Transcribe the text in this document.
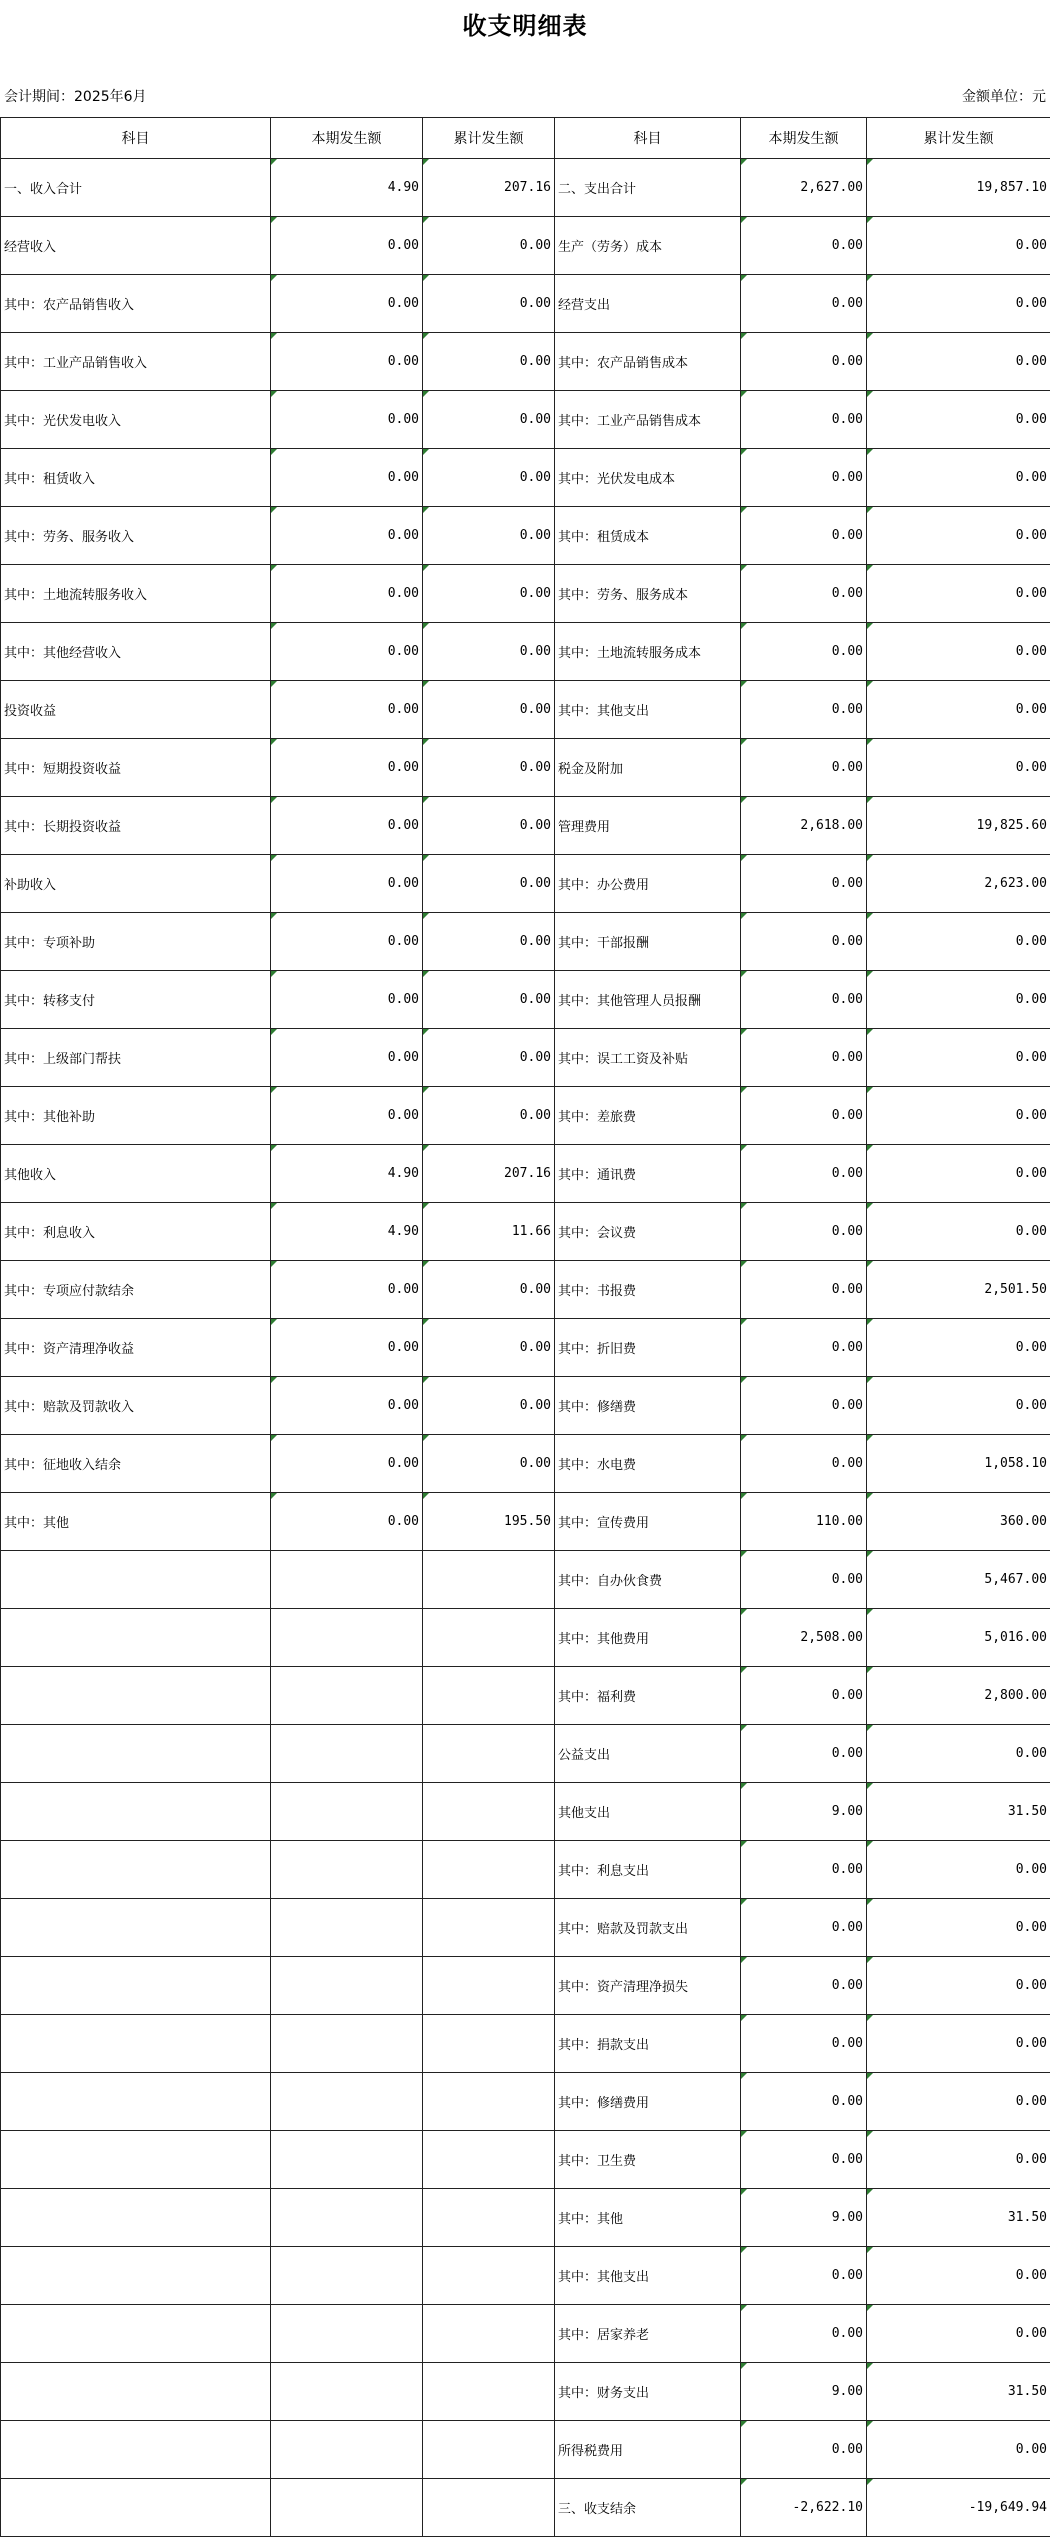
收支明细表
会计期间：2025年6月	金额单位：元
科目	本期发生额	累计发生额	科目	本期发生额	累计发生额
一、收入合计	4.90	207.16	二、支出合计	2,627.00	19,857.10
经营收入	0.00	0.00	生产（劳务）成本	0.00	0.00
其中：农产品销售收入	0.00	0.00	经营支出	0.00	0.00
其中：工业产品销售收入	0.00	0.00	其中：农产品销售成本	0.00	0.00
其中：光伏发电收入	0.00	0.00	其中：工业产品销售成本	0.00	0.00
其中：租赁收入	0.00	0.00	其中：光伏发电成本	0.00	0.00
其中：劳务、服务收入	0.00	0.00	其中：租赁成本	0.00	0.00
其中：土地流转服务收入	0.00	0.00	其中：劳务、服务成本	0.00	0.00
其中：其他经营收入	0.00	0.00	其中：土地流转服务成本	0.00	0.00
投资收益	0.00	0.00	其中：其他支出	0.00	0.00
其中：短期投资收益	0.00	0.00	税金及附加	0.00	0.00
其中：长期投资收益	0.00	0.00	管理费用	2,618.00	19,825.60
补助收入	0.00	0.00	其中：办公费用	0.00	2,623.00
其中：专项补助	0.00	0.00	其中：干部报酬	0.00	0.00
其中：转移支付	0.00	0.00	其中：其他管理人员报酬	0.00	0.00
其中：上级部门帮扶	0.00	0.00	其中：误工工资及补贴	0.00	0.00
其中：其他补助	0.00	0.00	其中：差旅费	0.00	0.00
其他收入	4.90	207.16	其中：通讯费	0.00	0.00
其中：利息收入	4.90	11.66	其中：会议费	0.00	0.00
其中：专项应付款结余	0.00	0.00	其中：书报费	0.00	2,501.50
其中：资产清理净收益	0.00	0.00	其中：折旧费	0.00	0.00
其中：赔款及罚款收入	0.00	0.00	其中：修缮费	0.00	0.00
其中：征地收入结余	0.00	0.00	其中：水电费	0.00	1,058.10
其中：其他	0.00	195.50	其中：宣传费用	110.00	360.00
			其中：自办伙食费	0.00	5,467.00
			其中：其他费用	2,508.00	5,016.00
			其中：福利费	0.00	2,800.00
			公益支出	0.00	0.00
			其他支出	9.00	31.50
			其中：利息支出	0.00	0.00
			其中：赔款及罚款支出	0.00	0.00
			其中：资产清理净损失	0.00	0.00
			其中：捐款支出	0.00	0.00
			其中：修缮费用	0.00	0.00
			其中：卫生费	0.00	0.00
			其中：其他	9.00	31.50
			其中：其他支出	0.00	0.00
			其中：居家养老	0.00	0.00
			其中：财务支出	9.00	31.50
			所得税费用	0.00	0.00
			三、收支结余	-2,622.10	-19,649.94
